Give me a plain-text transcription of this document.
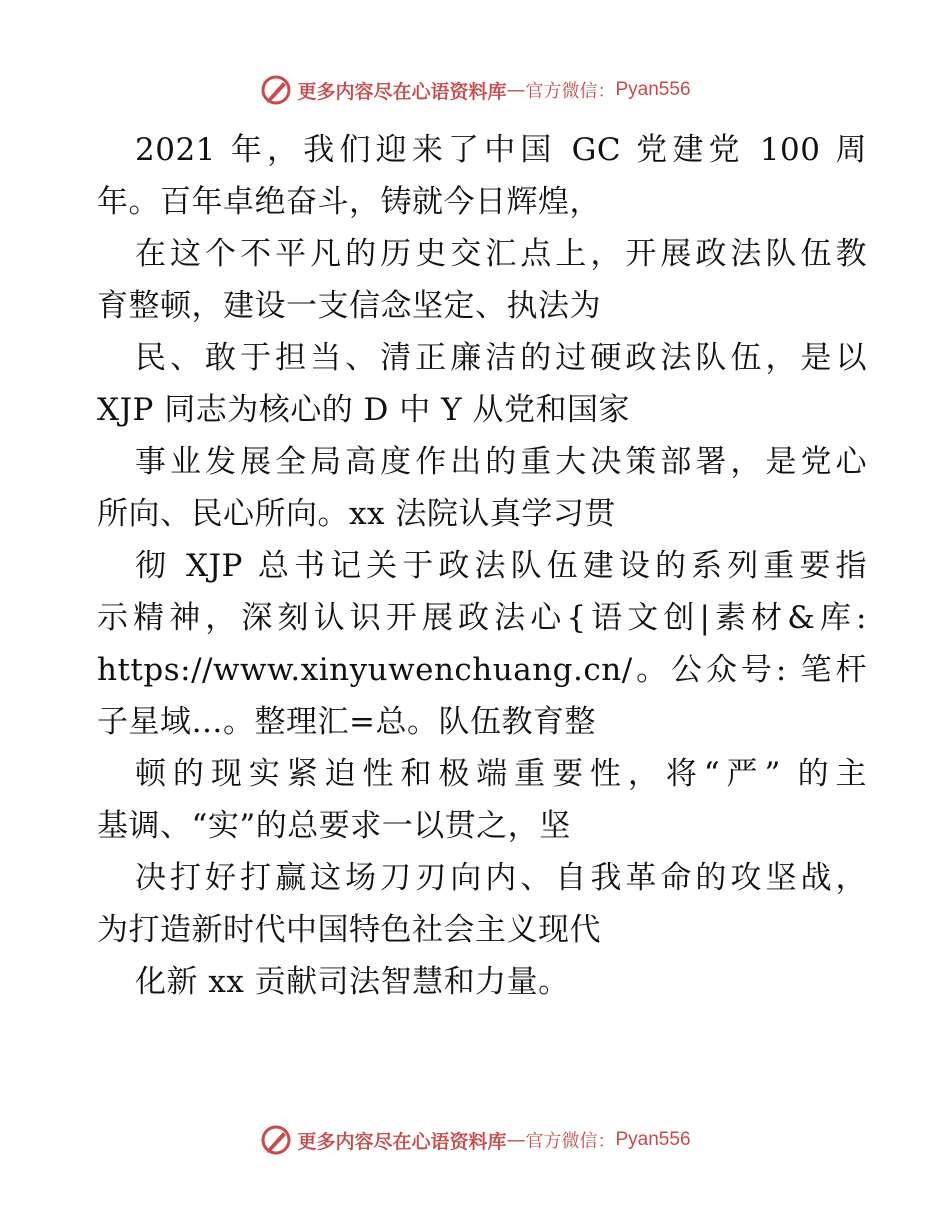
更多内容尽在心语资料库 — 官方微信： Pyan556
2021 年，我们迎来了中国 GC 党建党 100 周
年。百年卓绝奋斗，铸就今日辉煌，
在这个不平凡的历史交汇点上，开展政法队伍教
育整顿，建设一支信念坚定、执法为
民、敢于担当、清正廉洁的过硬政法队伍，是以
XJP 同志为核心的 D 中 Y 从党和国家
事业发展全局高度作出的重大决策部署，是党心
所向、民心所向。xx 法院认真学习贯
彻 XJP 总书记关于政法队伍建设的系列重要指
示精神，深刻认识开展政法心{语文创|素材&库:
https://www.xinyuwenchuang.cn/。公众号: 笔杆
子星域…。整理汇=总。队伍教育整
顿的现实紧迫性和极端重要性，将“严” 的主
基调、“实”的总要求一以贯之，坚
决打好打赢这场刀刃向内、自我革命的攻坚战，
为打造新时代中国特色社会主义现代
化新 xx 贡献司法智慧和力量。
更多内容尽在心语资料库 — 官方微信： Pyan556
